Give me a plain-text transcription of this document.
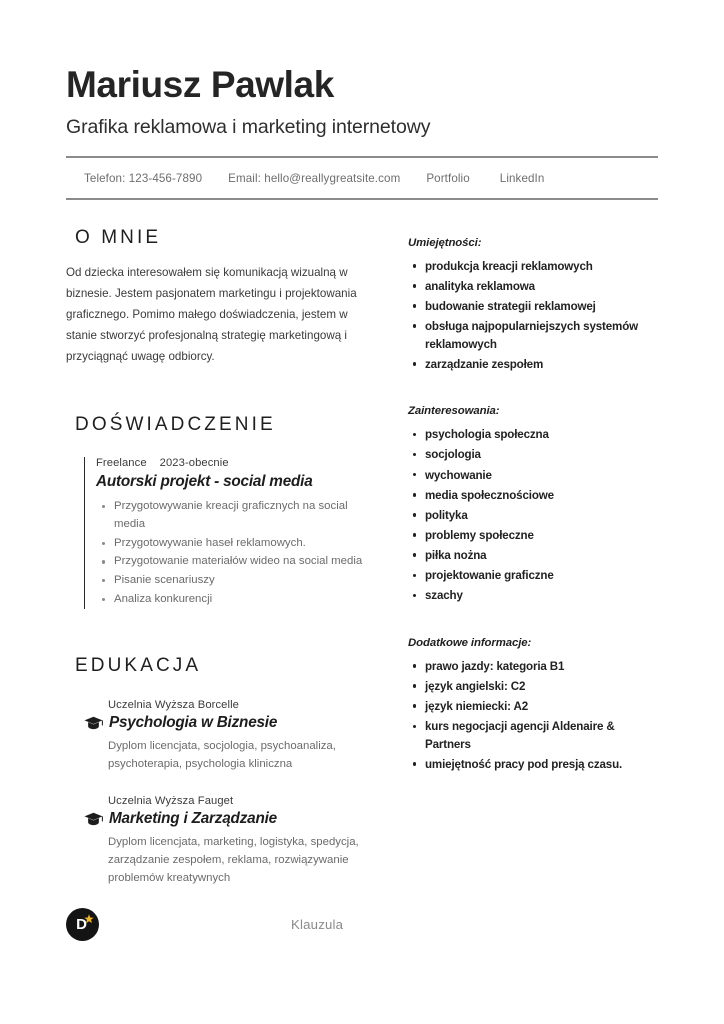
Mariusz Pawlak
Grafika reklamowa i marketing internetowy
Telefon: 123-456-7890 Email: hello@reallygreatsite.com Portfolio	LinkedIn
O MNIE

Od dziecka interesowałem się komunikacją wizualną w biznesie. Jestem pasjonatem marketingu i projektowania graficznego. Pomimo małego doświadczenia, jestem w stanie stworzyć profesjonalną strategię marketingową i przyciągnąć uwagę odbiorcy.

DOŚWIADCZENIE
Freelance 2023-obecnie
Autorski projekt - social media
Przygotowywanie kreacji graficznych na social media
Przygotowywanie haseł reklamowych.
Przygotowanie materiałów wideo na social media
Pisanie scenariuszy
Analiza konkurencji
EDUKACJA
Uczelnia Wyższa Borcelle
Psychologia w Biznesie
Dyplom licencjata, socjologia, psychoanaliza, psychoterapia, psychologia kliniczna
Uczelnia Wyższa Fauget
Marketing i Zarządzanie
Dyplom licencjata, marketing, logistyka, spedycja, zarządzanie zespołem, reklama, rozwiązywanie problemów kreatywnych
Umiejętności:
produkcja kreacji reklamowych
analityka reklamowa
budowanie strategii reklamowej
obsługa najpopularniejszych systemów reklamowych
zarządzanie zespołem
Zainteresowania:
psychologia społeczna
socjologia
wychowanie
media społecznościowe
polityka
problemy społeczne
piłka nożna
projektowanie graficzne
szachy
Dodatkowe informacje:
prawo jazdy: kategoria B1
język angielski: C2
język niemiecki: A2
kurs negocjacji agencji Aldenaire & Partners
umiejętność pracy pod presją czasu.
D	Klauzula
